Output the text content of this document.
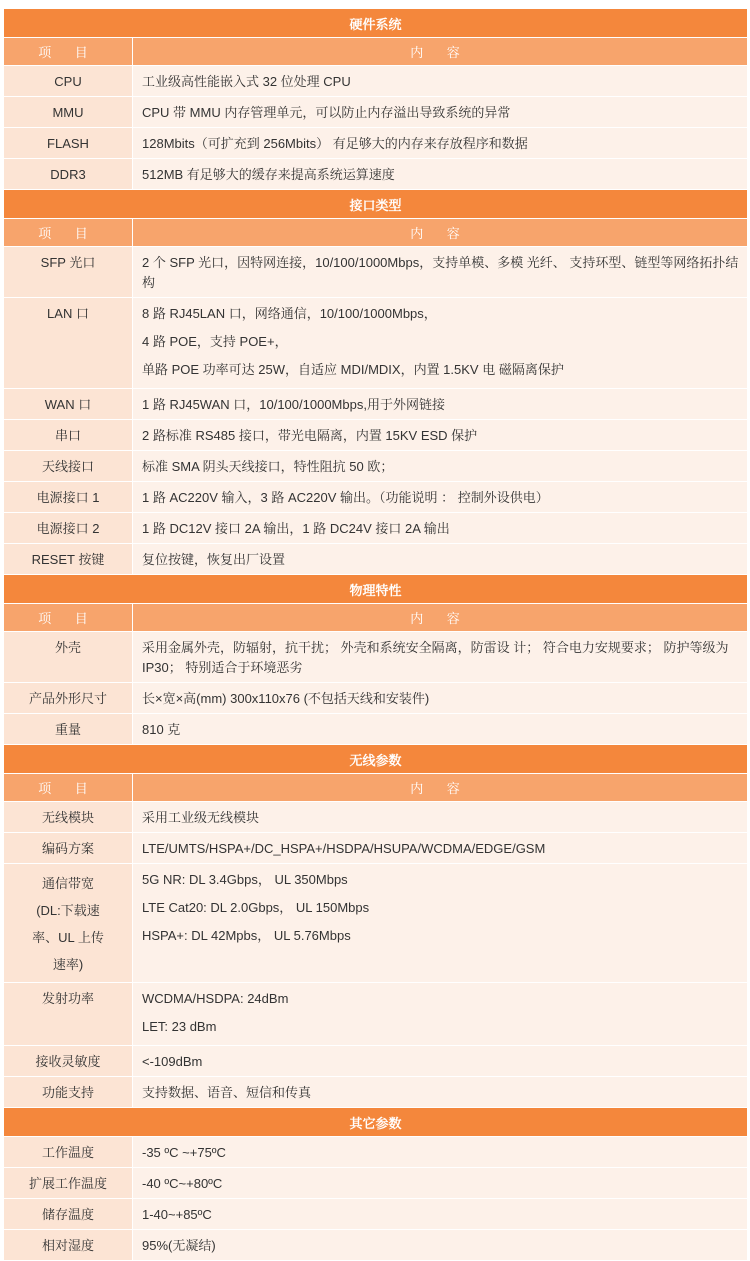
硬件系统	
项 目	内 容

CPU	工业级高性能嵌入式 32 位处理 CPU

MMU	CPU 带 MMU 内存管理单元，可以防止内存溢出导致系统的异常

FLASH	128Mbits（可扩充到 256Mbits） 有足够大的内存来存放程序和数据

DDR3	512MB 有足够大的缓存来提高系统运算速度

接口类型	
项 目	内 容

SFP 光口	2 个 SFP 光口，因特网连接，10/100/1000Mbps，支持单模、多模 光纤、 支持环型、链型等网络拓扑结构

LAN 口	8 路 RJ45LAN 口，网络通信，10/100/1000Mbps，
4 路 POE，支持 POE+，
单路 POE 功率可达 25W，自适应 MDI/MDIX，内置 1.5KV 电 磁隔离保护

WAN 口	1 路 RJ45WAN 口，10/100/1000Mbps,用于外网链接

串口	2 路标准 RS485 接口，带光电隔离，内置 15KV ESD 保护

天线接口	标准 SMA 阴头天线接口，特性阻抗 50 欧；

电源接口 1	1 路 AC220V 输入，3 路 AC220V 输出。（功能说明 ： 控制外设供电）

电源接口 2	1 路 DC12V 接口 2A 输出，1 路 DC24V 接口 2A 输出

RESET 按键	复位按键，恢复出厂设置

物理特性	
项 目	内 容

外壳	采用金属外壳，防辐射，抗干扰； 外壳和系统安全隔离，防雷设 计； 符合电力安规要求； 防护等级为 IP30； 特别适合于环境恶劣

产品外形尺寸	长×宽×高(mm) 300x110x76 (不包括天线和安装件)

重量	810 克

无线参数	
项 目	内 容

无线模块	采用工业级无线模块

编码方案	LTE/UMTS/HSPA+/DC_HSPA+/HSDPA/HSUPA/WCDMA/EDGE/GSM

通信带宽
(DL:下载速
率、UL 上传
速率)	5G NR: DL 3.4Gbps， UL 350Mbps
LTE Cat20: DL 2.0Gbps， UL 150Mbps
HSPA+: DL 42Mpbs， UL 5.76Mbps

发射功率	WCDMA/HSDPA: 24dBm
LET: 23 dBm

接收灵敏度	<-109dBm

功能支持	支持数据、语音、短信和传真

其它参数	

工作温度	-35 ºC ~+75ºC

扩展工作温度	-40 ºC~+80ºC

储存温度	1-40~+85ºC

相对湿度	95%(无凝结)
